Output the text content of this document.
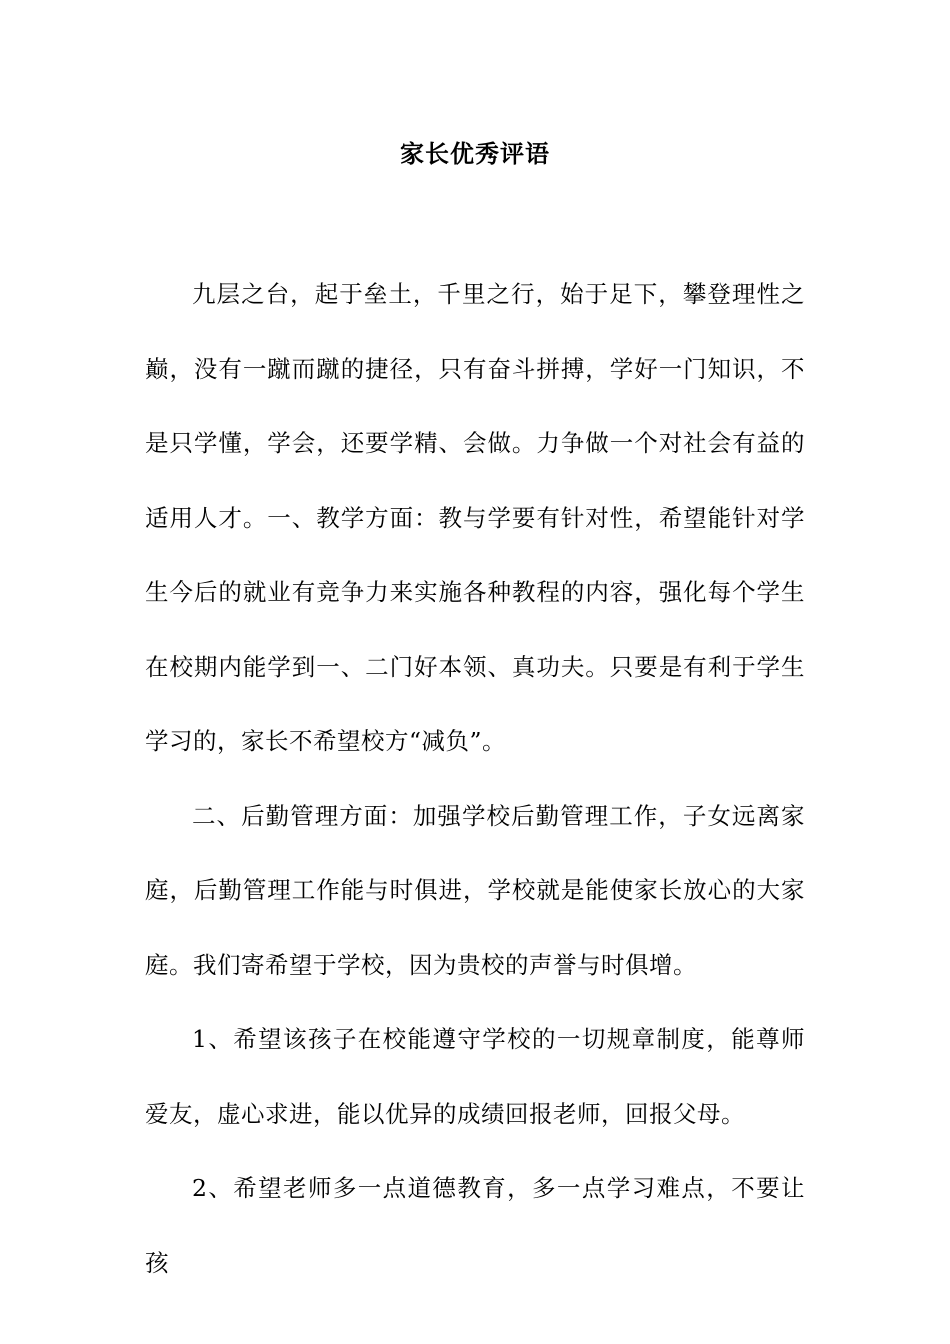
家长优秀评语

九层之台，起于垒土，千里之行，始于足下，攀登理性之巅，没有一蹴而蹴的捷径，只有奋斗拼搏，学好一门知识，不是只学懂，学会，还要学精、会做。力争做一个对社会有益的适用人才。一、教学方面：教与学要有针对性，希望能针对学生今后的就业有竞争力来实施各种教程的内容，强化每个学生在校期内能学到一、二门好本领、真功夫。只要是有利于学生学习的，家长不希望校方“减负”。

二、后勤管理方面：加强学校后勤管理工作，子女远离家庭，后勤管理工作能与时俱进，学校就是能使家长放心的大家庭。我们寄希望于学校，因为贵校的声誉与时俱增。

1、希望该孩子在校能遵守学校的一切规章制度，能尊师爱友，虚心求进，能以优异的成绩回报老师，回报父母。

2、希望老师多一点道德教育，多一点学习难点，不要让孩
